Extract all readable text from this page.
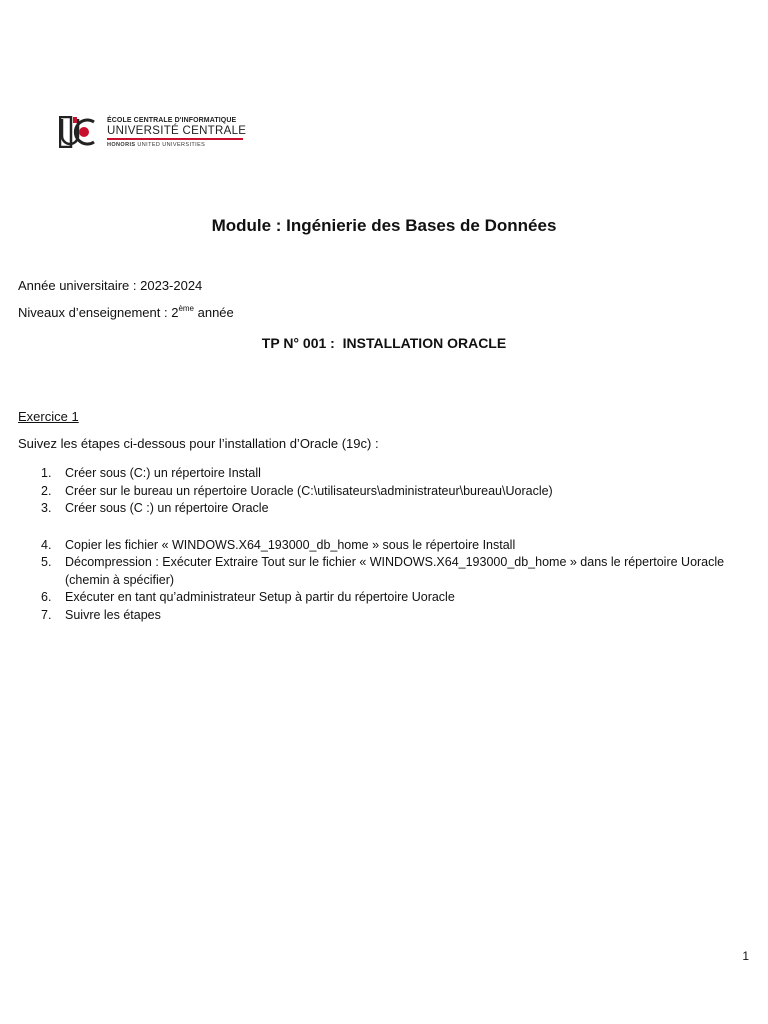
ÉCOLE CENTRALE D'INFORMATIQUE
UNIVERSITÉ CENTRALE
HONORIS UNITED UNIVERSITIES
Module : Ingénierie des Bases de Données
Année universitaire : 2023-2024
Niveaux d’enseignement : 2ème année
TP N° 001 :  INSTALLATION ORACLE
Exercice 1
Suivez les étapes ci-dessous pour l’installation d’Oracle (19c) :
1. Créer sous (C:) un répertoire Install
2. Créer sur le bureau un répertoire Uoracle (C:\utilisateurs\administrateur\bureau\Uoracle)
3. Créer sous (C :) un répertoire Oracle
4. Copier les fichier « WINDOWS.X64_193000_db_home » sous le répertoire Install
5. Décompression : Exécuter Extraire Tout sur le fichier « WINDOWS.X64_193000_db_home » dans le répertoire Uoracle (chemin à spécifier)
6. Exécuter en tant qu’administrateur Setup à partir du répertoire Uoracle
7. Suivre les étapes
1
